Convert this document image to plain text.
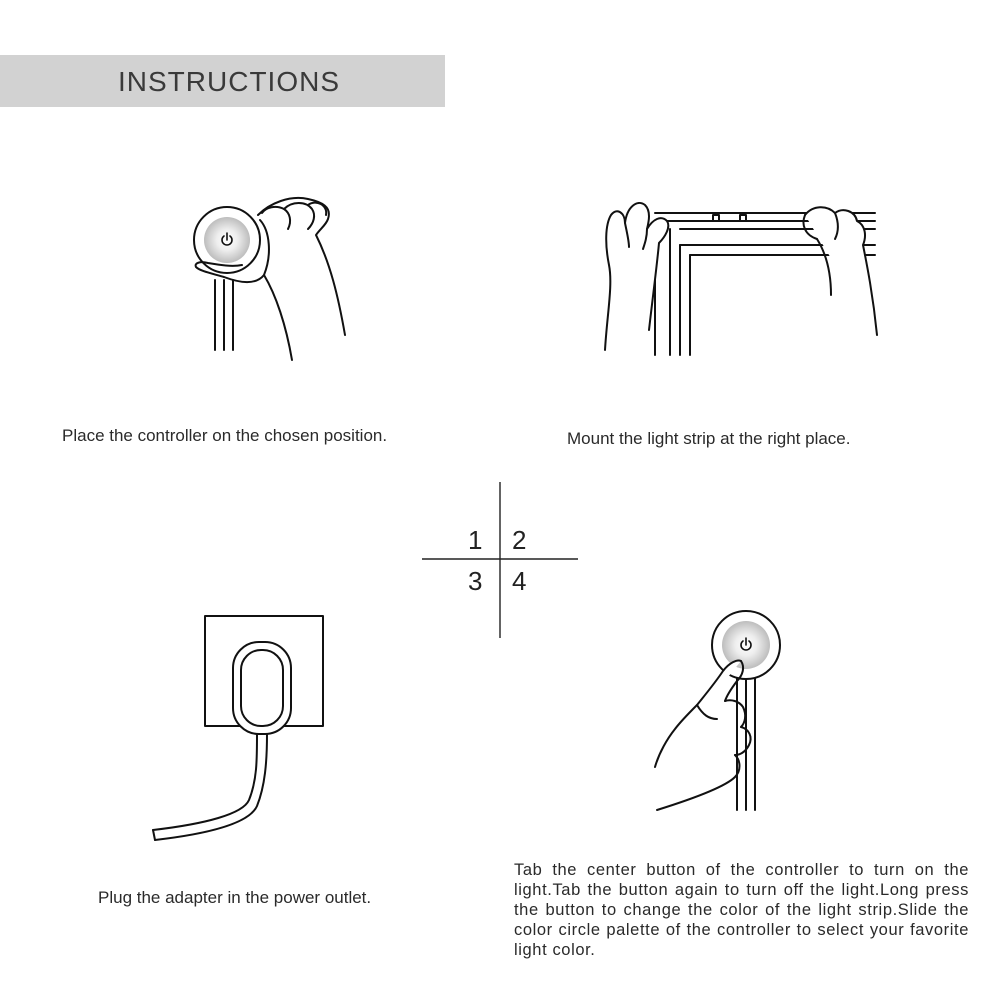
INSTRUCTIONS
Place the controller on the chosen position.	Mount the light strip at the right place.
1 2
3 4
Plug the adapter in the power outlet.
Tab the center button of the controller to turn on the light.Tab the button again to turn off the light.Long press the button to change the color of the light strip.Slide the color circle palette of the controller to select your favorite light color.
